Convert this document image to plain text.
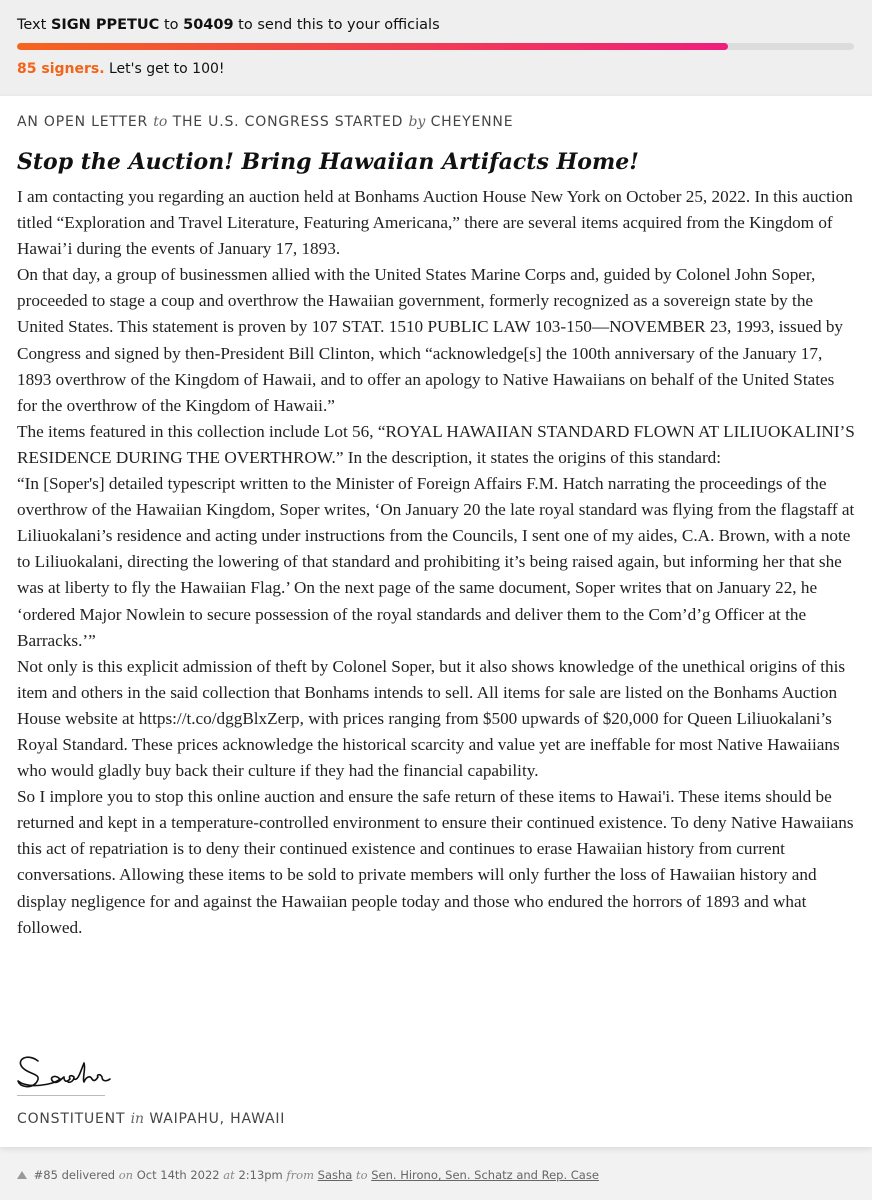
Text SIGN PPETUC to 50409 to send this to your officials
85 signers. Let's get to 100!
AN OPEN LETTER to THE U.S. CONGRESS STARTED by CHEYENNE
Stop the Auction! Bring Hawaiian Artifacts Home!

I am contacting you regarding an auction held at Bonhams Auction House New York on October 25, 2022. In this auction titled “Exploration and Travel Literature, Featuring Americana,” there are several items acquired from the Kingdom of Hawai’i during the events of January 17, 1893.

On that day, a group of businessmen allied with the United States Marine Corps and, guided by Colonel John Soper, proceeded to stage a coup and overthrow the Hawaiian government, formerly recognized as a sovereign state by the United States. This statement is proven by 107 STAT. 1510 PUBLIC LAW 103-150—NOVEMBER 23, 1993, issued by Congress and signed by then-President Bill Clinton, which “acknowledge[s] the 100th anniversary of the January 17, 1893 overthrow of the Kingdom of Hawaii, and to offer an apology to Native Hawaiians on behalf of the United States for the overthrow of the Kingdom of Hawaii.”

The items featured in this collection include Lot 56, “ROYAL HAWAIIAN STANDARD FLOWN AT LILIUOKALINI’S RESIDENCE DURING THE OVERTHROW.” In the description, it states the origins of this standard:

“In [Soper's] detailed typescript written to the Minister of Foreign Affairs F.M. Hatch narrating the proceedings of the overthrow of the Hawaiian Kingdom, Soper writes, ‘On January 20 the late royal standard was flying from the flagstaff at Liliuokalani’s residence and acting under instructions from the Councils, I sent one of my aides, C.A. Brown, with a note to Liliuokalani, directing the lowering of that standard and prohibiting it’s being raised again, but informing her that she was at liberty to fly the Hawaiian Flag.’ On the next page of the same document, Soper writes that on January 22, he ‘ordered Major Nowlein to secure possession of the royal standards and deliver them to the Com’d’g Officer at the Barracks.’”

Not only is this explicit admission of theft by Colonel Soper, but it also shows knowledge of the unethical origins of this item and others in the said collection that Bonhams intends to sell. All items for sale are listed on the Bonhams Auction House website at https://t.co/dggBlxZerp, with prices ranging from $500 upwards of $20,000 for Queen Liliuokalani’s Royal Standard. These prices acknowledge the historical scarcity and value yet are ineffable for most Native Hawaiians who would gladly buy back their culture if they had the financial capability.

So I implore you to stop this online auction and ensure the safe return of these items to Hawai'i. These items should be returned and kept in a temperature-controlled environment to ensure their continued existence. To deny Native Hawaiians this act of repatriation is to deny their continued existence and continues to erase Hawaiian history from current conversations. Allowing these items to be sold to private members will only further the loss of Hawaiian history and display negligence for and against the Hawaiian people today and those who endured the horrors of 1893 and what followed.

CONSTITUENT in WAIPAHU, HAWAII
#85 delivered on Oct 14th 2022 at 2:13pm from Sasha to Sen. Hirono, Sen. Schatz and Rep. Case
